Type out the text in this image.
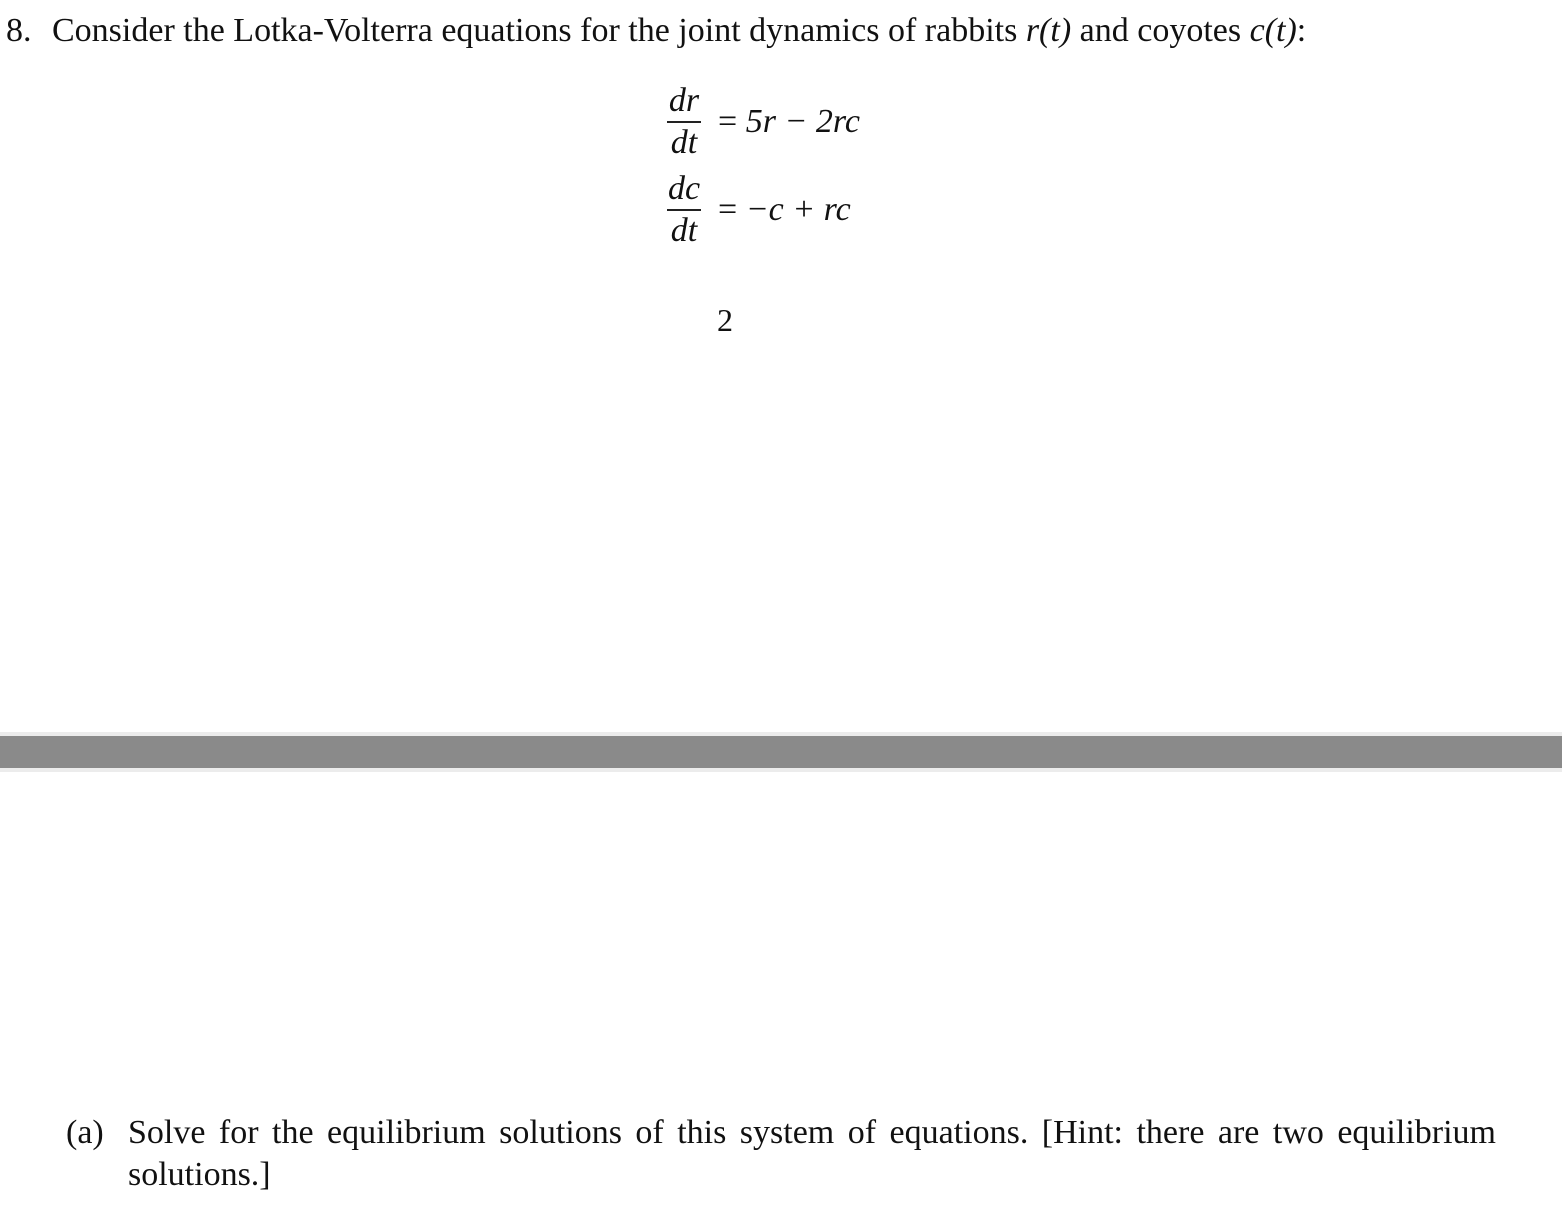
8. Consider the Lotka-Volterra equations for the joint dynamics of rabbits r(t) and coyotes c(t):
$\frac{dr}{dt} = 5r - 2rc$
$\frac{dc}{dt} = -c$ + rc
2
(a) Solve for the equilibrium solutions of this system of equations. [Hint: there are two equilibrium solutions.]
